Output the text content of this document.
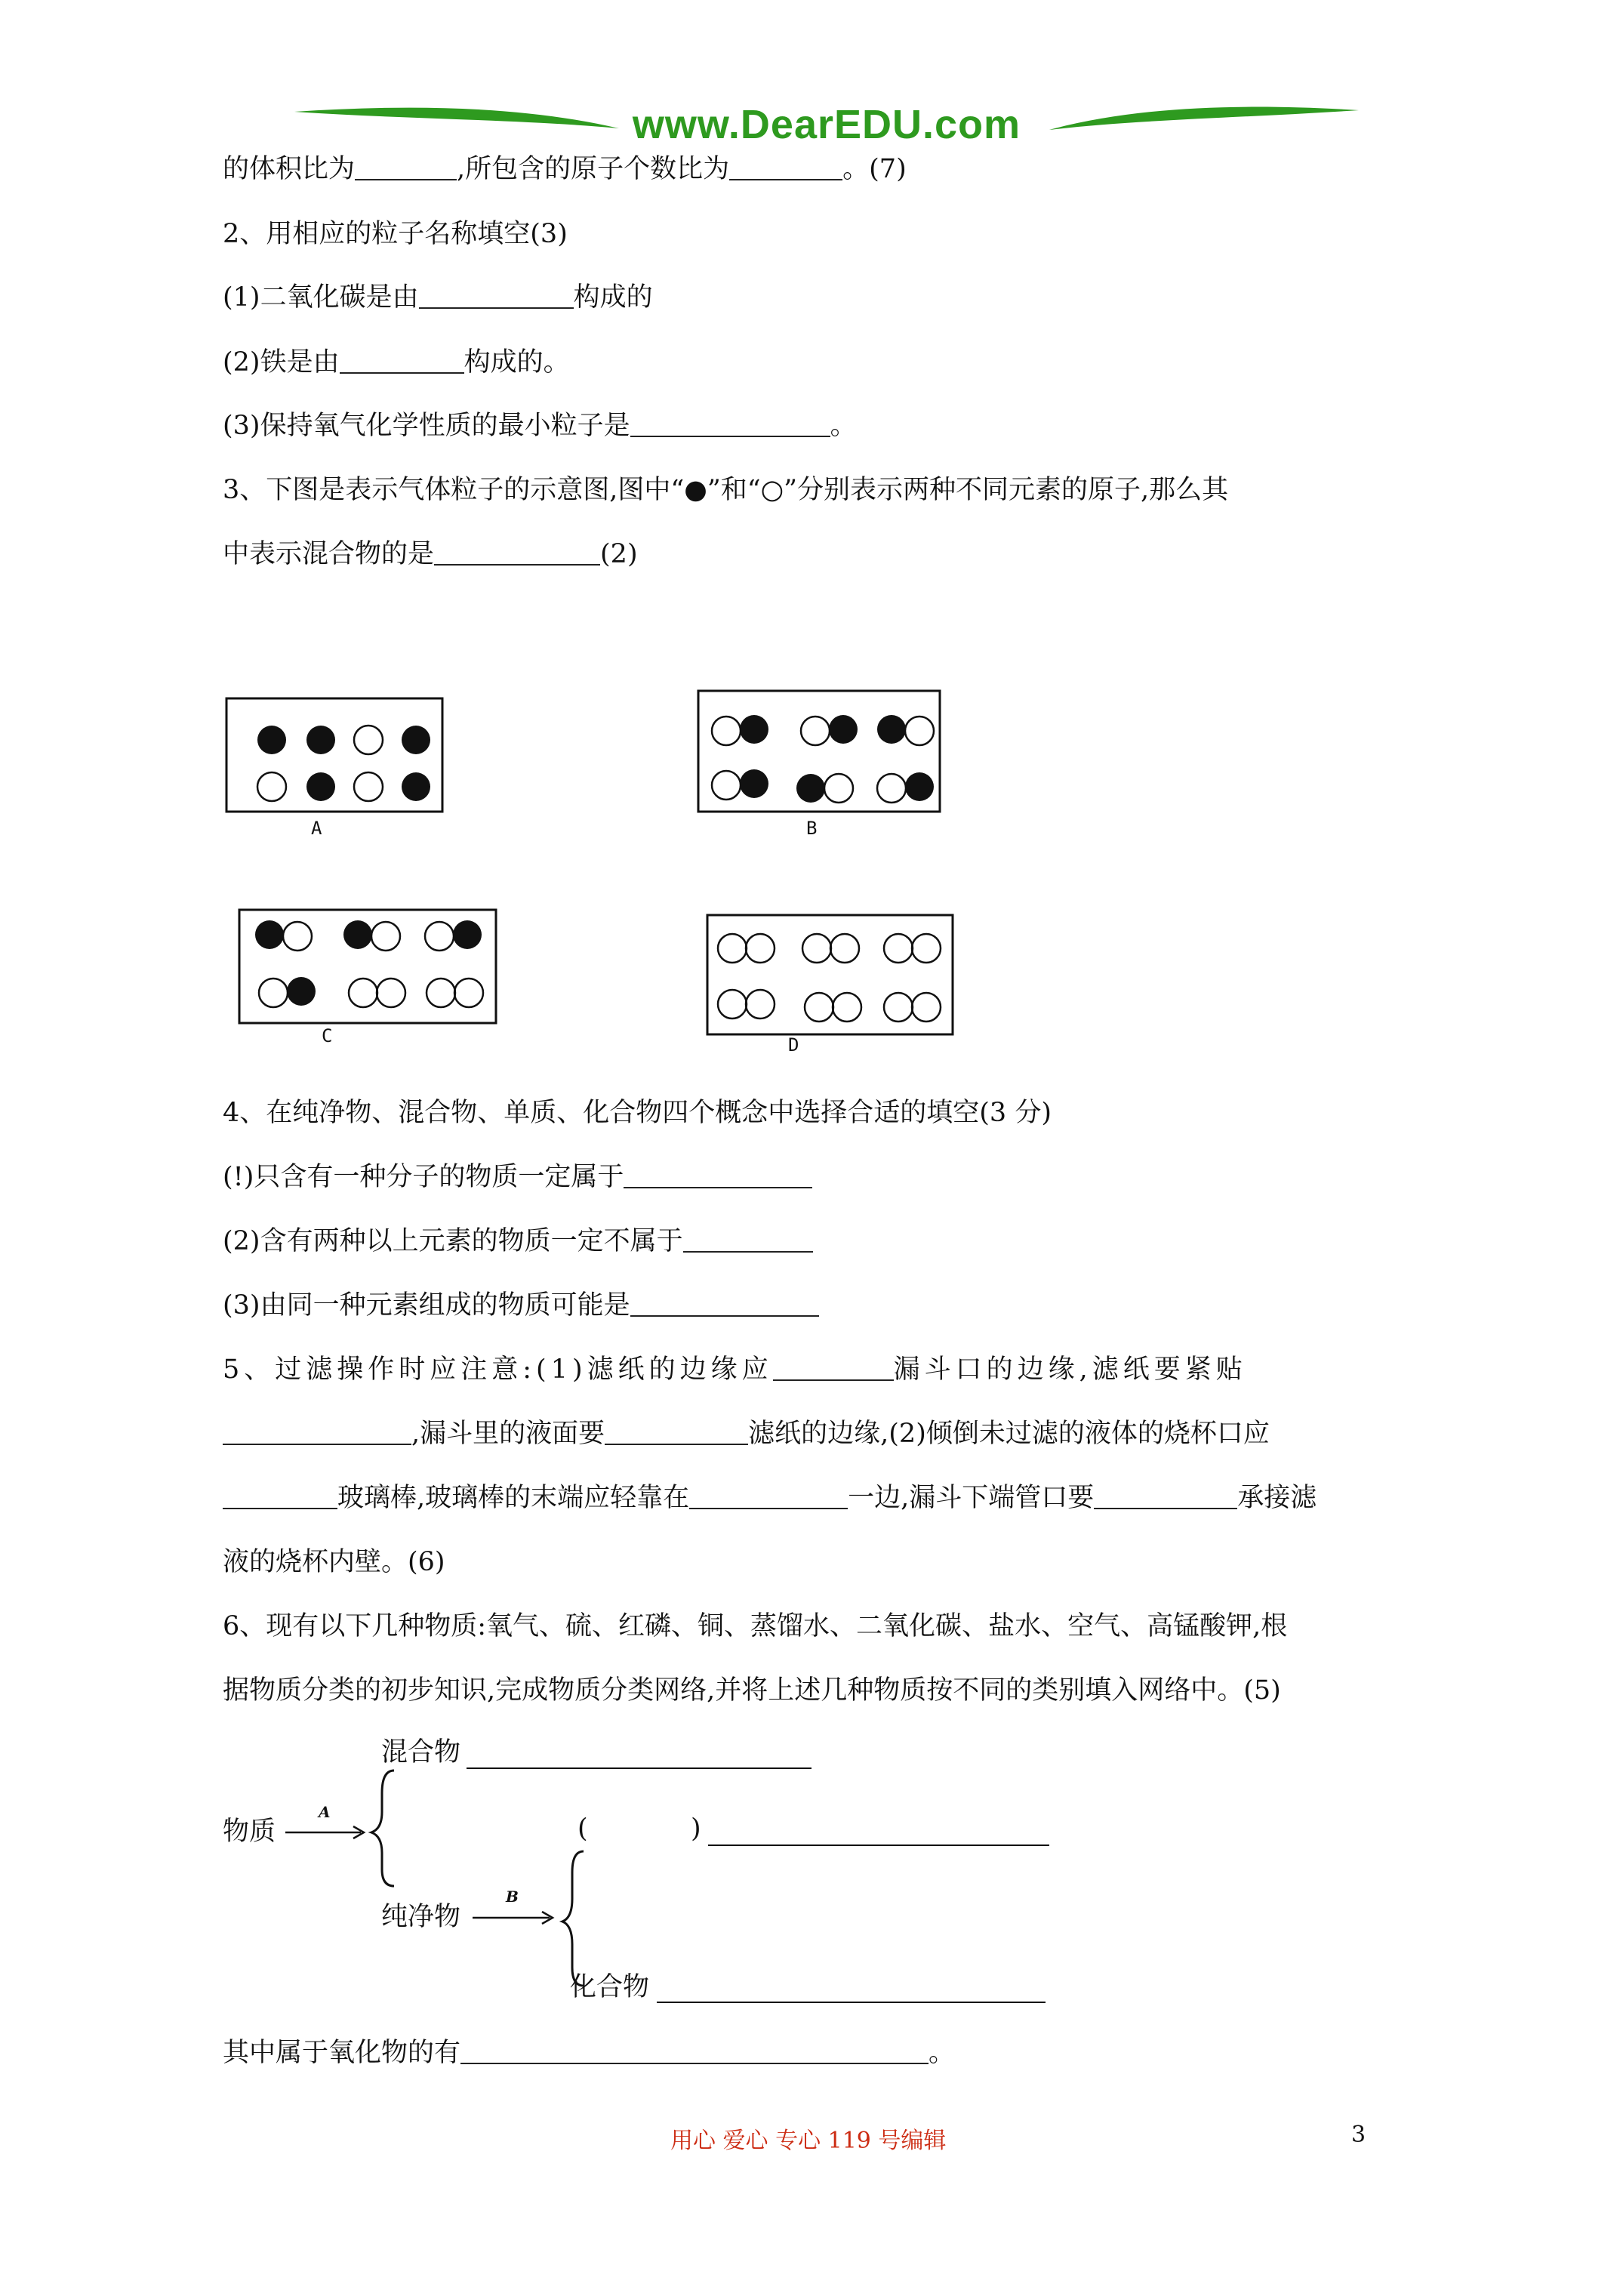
www.DearEDU.com
的体积比为	,所包含的原子个数比为	。(7)
2、用相应的粒子名称填空(3)
(1)二氧化碳是由	构成的
(2)铁是由	构成的。
(3)保持氧气化学性质的最小粒子是	。
3、下图是表示气体粒子的示意图,图中“●”和“○”分别表示两种不同元素的原子,那么其
中表示混合物的是	(2)
A	B
C	D
4、在纯净物、混合物、单质、化合物四个概念中选择合适的填空(3 分)
(!)只含有一种分子的物质一定属于
(2)含有两种以上元素的物质一定不属于
(3)由同一种元素组成的物质可能是
5、过滤操作时应注意:(1)滤纸的边缘应	漏斗口的边缘,滤纸要紧贴
,漏斗里的液面要	滤纸的边缘,(2)倾倒未过滤的液体的烧杯口应
玻璃棒,玻璃棒的末端应轻靠在	一边,漏斗下端管口要	承接滤
液的烧杯内壁。(6)
6、现有以下几种物质:氧气、硫、红磷、铜、蒸馏水、二氧化碳、盐水、空气、高锰酸钾,根
据物质分类的初步知识,完成物质分类网络,并将上述几种物质按不同的类别填入网络中。(5)
混合物
物质
A
(	)
纯净物
B
化合物
其中属于氧化物的有	。
用心 爱心 专心 119 号编辑	3
